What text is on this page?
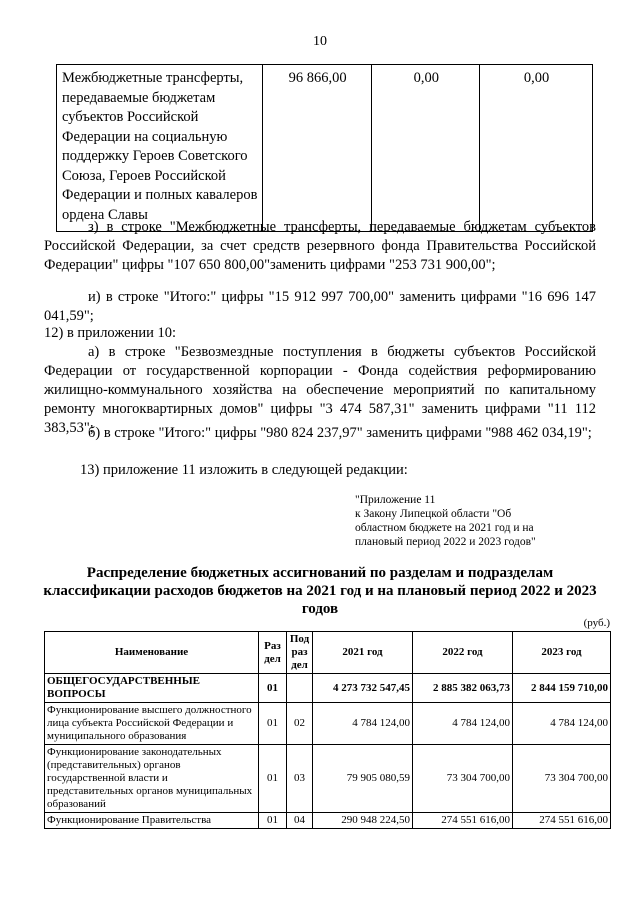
10
Межбюджетные трансферты, передаваемые бюджетам субъектов Российской Федерации на социальную поддержку Героев Советского Союза, Героев Российской Федерации и полных кавалеров ордена Славы	96 866,00	0,00	0,00
з) в строке "Межбюджетные трансферты, передаваемые бюджетам субъектов Российской Федерации, за счет средств резервного фонда Правительства Российской Федерации" цифры "107 650 800,00"заменить цифрами "253 731 900,00";
и) в строке "Итого:" цифры "15 912 997 700,00" заменить цифрами "16 696 147 041,59";
12) в приложении 10:
а) в строке "Безвозмездные поступления в бюджеты субъектов Российской Федерации от государственной корпорации - Фонда содействия реформированию жилищно-коммунального хозяйства на обеспечение мероприятий по капитальному ремонту многоквартирных домов" цифры "3 474 587,31" заменить цифрами "11 112 383,53";
б) в строке "Итого:" цифры "980 824 237,97" заменить цифрами "988 462 034,19";
13) приложение 11 изложить в следующей редакции:
"Приложение 11
к Закону Липецкой области "Об
областном бюджете на 2021 год и на
плановый период 2022 и 2023 годов"
Распределение бюджетных ассигнований по разделам и подразделам классификации расходов бюджетов на 2021 год и на плановый период 2022 и 2023 годов
(руб.)
Наименование	Раз дел	Под раз дел	2021 год	2022 год	2023 год
ОБЩЕГОСУДАРСТВЕННЫЕ ВОПРОСЫ	01		4 273 732 547,45	2 885 382 063,73	2 844 159 710,00
Функционирование высшего должностного лица субъекта Российской Федерации и муниципального образования	01	02	4 784 124,00	4 784 124,00	4 784 124,00
Функционирование законодательных (представительных) органов государственной власти и представительных органов муниципальных образований	01	03	79 905 080,59	73 304 700,00	73 304 700,00
Функционирование Правительства	01	04	290 948 224,50	274 551 616,00	274 551 616,00
